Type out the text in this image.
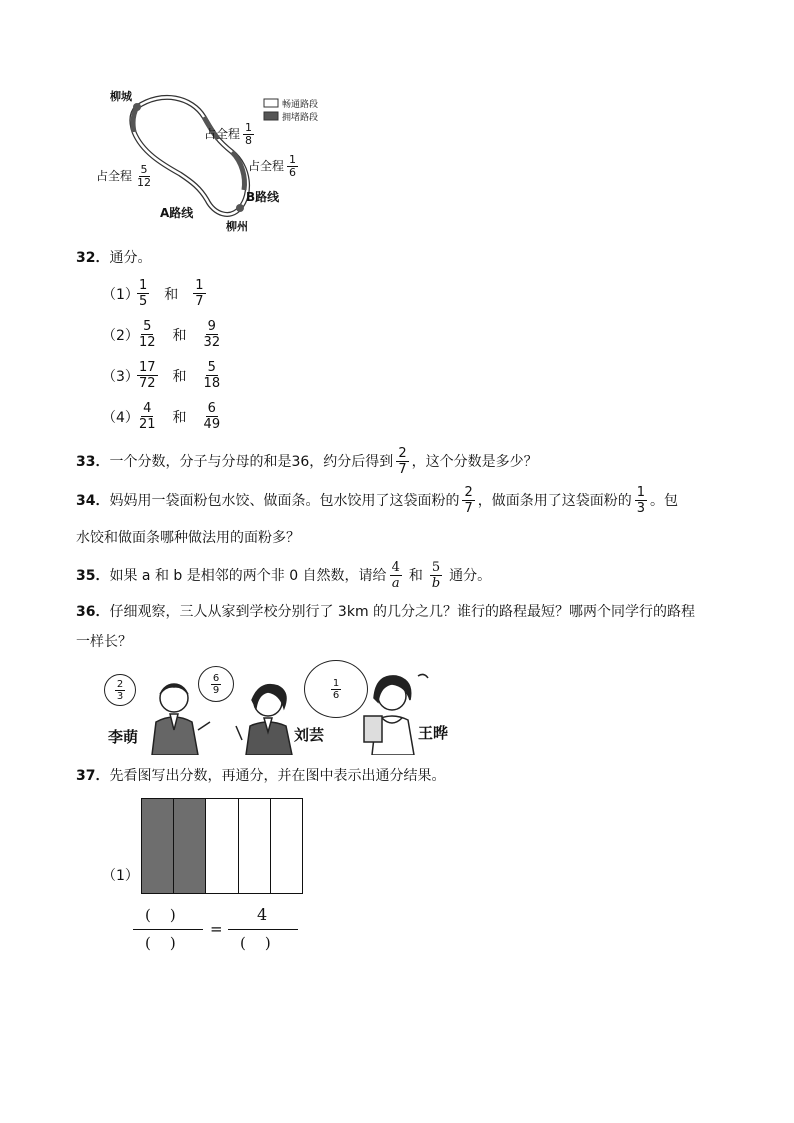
柳城
畅通路段
拥堵路段
占全程 $\frac{1}{8}$
占全程 $\frac{1}{6}$
占全程 $\frac{5}{12}$
B路线
A路线
柳州
32．通分。
（1）
$\frac{1}{5}$ 和 $\frac{1}{7}$
（2）
$\frac{5}{12}$ 和 $\frac{9}{32}$
（3）
$\frac{17}{72}$ 和 $\frac{5}{18}$
（4）
$\frac{4}{21}$ 和 $\frac{6}{49}$
33． 一个分数，分子与分母的和是36，约分后得到 $\frac{2}{7}$ ，这个分数是多少？
34． 妈妈用一袋面粉包水饺、做面条。包水饺用了这袋面粉的 $\frac{2}{7}$ ，做面条用了这袋面粉的 $\frac{1}{3}$ 。包
水饺和做面条哪种做法用的面粉多？
35． 如果 a 和 b 是相邻的两个非 0 自然数，请给 $\frac{4}{a}$ 和 $\frac{5}{b}$ 通分。
36．仔细观察，三人从家到学校分别行了 3km 的几分之几？谁行的路程最短？哪两个同学行的路程
一样长？
$\frac{2}{3}$	$\frac{6}{9}$	$\frac{1}{6}$
李萌	刘芸	王晔
37．先看图写出分数，再通分，并在图中表示出通分结果。
（1）
(    )
(    )
=
4
(    )
